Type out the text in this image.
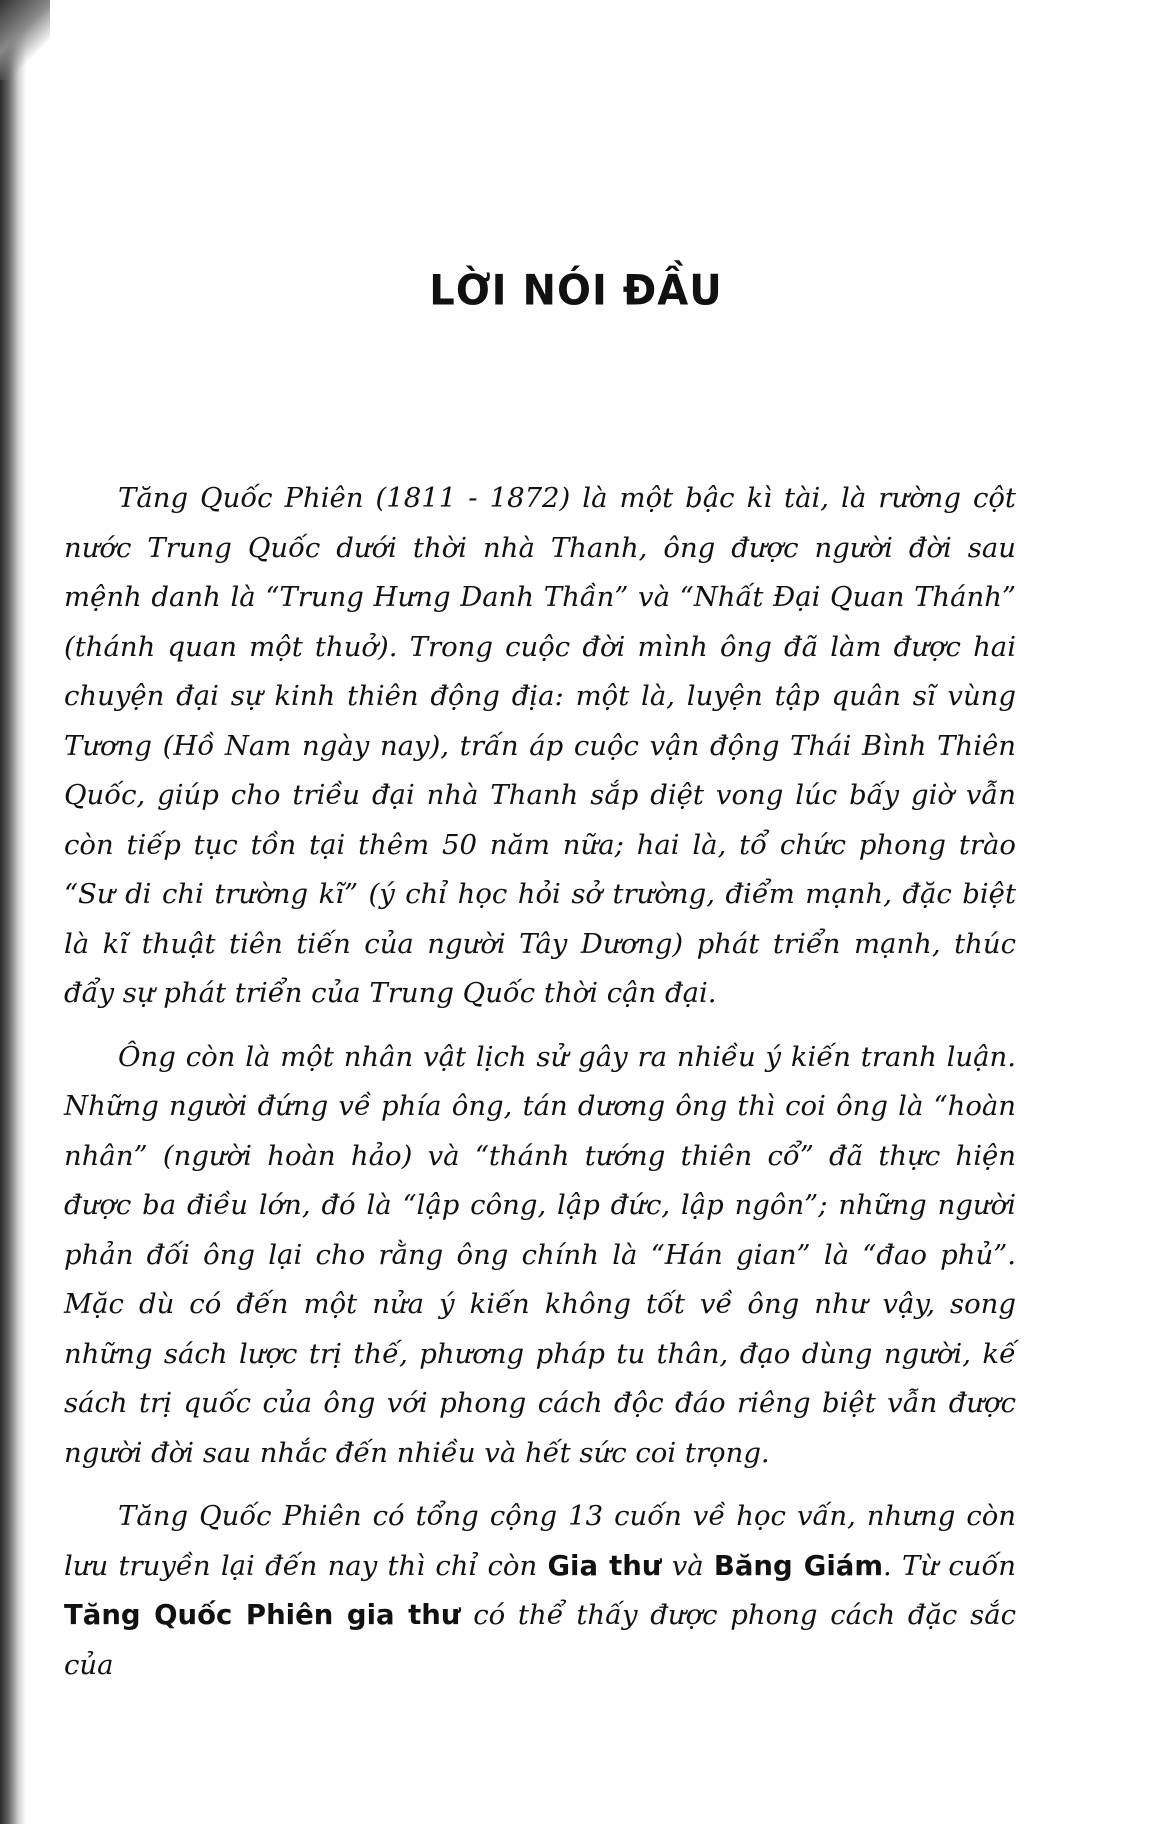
LỜI NÓI ĐẦU

Tăng Quốc Phiên (1811 - 1872) là một bậc kì tài, là rường cột nước Trung Quốc dưới thời nhà Thanh, ông được người đời sau mệnh danh là “Trung Hưng Danh Thần” và “Nhất Đại Quan Thánh” (thánh quan một thuở). Trong cuộc đời mình ông đã làm được hai chuyện đại sự kinh thiên động địa: một là, luyện tập quân sĩ vùng Tương (Hồ Nam ngày nay), trấn áp cuộc vận động Thái Bình Thiên Quốc, giúp cho triều đại nhà Thanh sắp diệt vong lúc bấy giờ vẫn còn tiếp tục tồn tại thêm 50 năm nữa; hai là, tổ chức phong trào “Sư di chi trường kĩ” (ý chỉ học hỏi sở trường, điểm mạnh, đặc biệt là kĩ thuật tiên tiến của người Tây Dương) phát triển mạnh, thúc đẩy sự phát triển của Trung Quốc thời cận đại.

Ông còn là một nhân vật lịch sử gây ra nhiều ý kiến tranh luận. Những người đứng về phía ông, tán dương ông thì coi ông là “hoàn nhân” (người hoàn hảo) và “thánh tướng thiên cổ” đã thực hiện được ba điều lớn, đó là “lập công, lập đức, lập ngôn”; những người phản đối ông lại cho rằng ông chính là “Hán gian” là “đao phủ”. Mặc dù có đến một nửa ý kiến không tốt về ông như vậy, song những sách lược trị thế, phương pháp tu thân, đạo dùng người, kế sách trị quốc của ông với phong cách độc đáo riêng biệt vẫn được người đời sau nhắc đến nhiều và hết sức coi trọng.

Tăng Quốc Phiên có tổng cộng 13 cuốn về học vấn, nhưng còn lưu truyền lại đến nay thì chỉ còn Gia thư và Băng Giám. Từ cuốn Tăng Quốc Phiên gia thư có thể thấy được phong cách đặc sắc của
